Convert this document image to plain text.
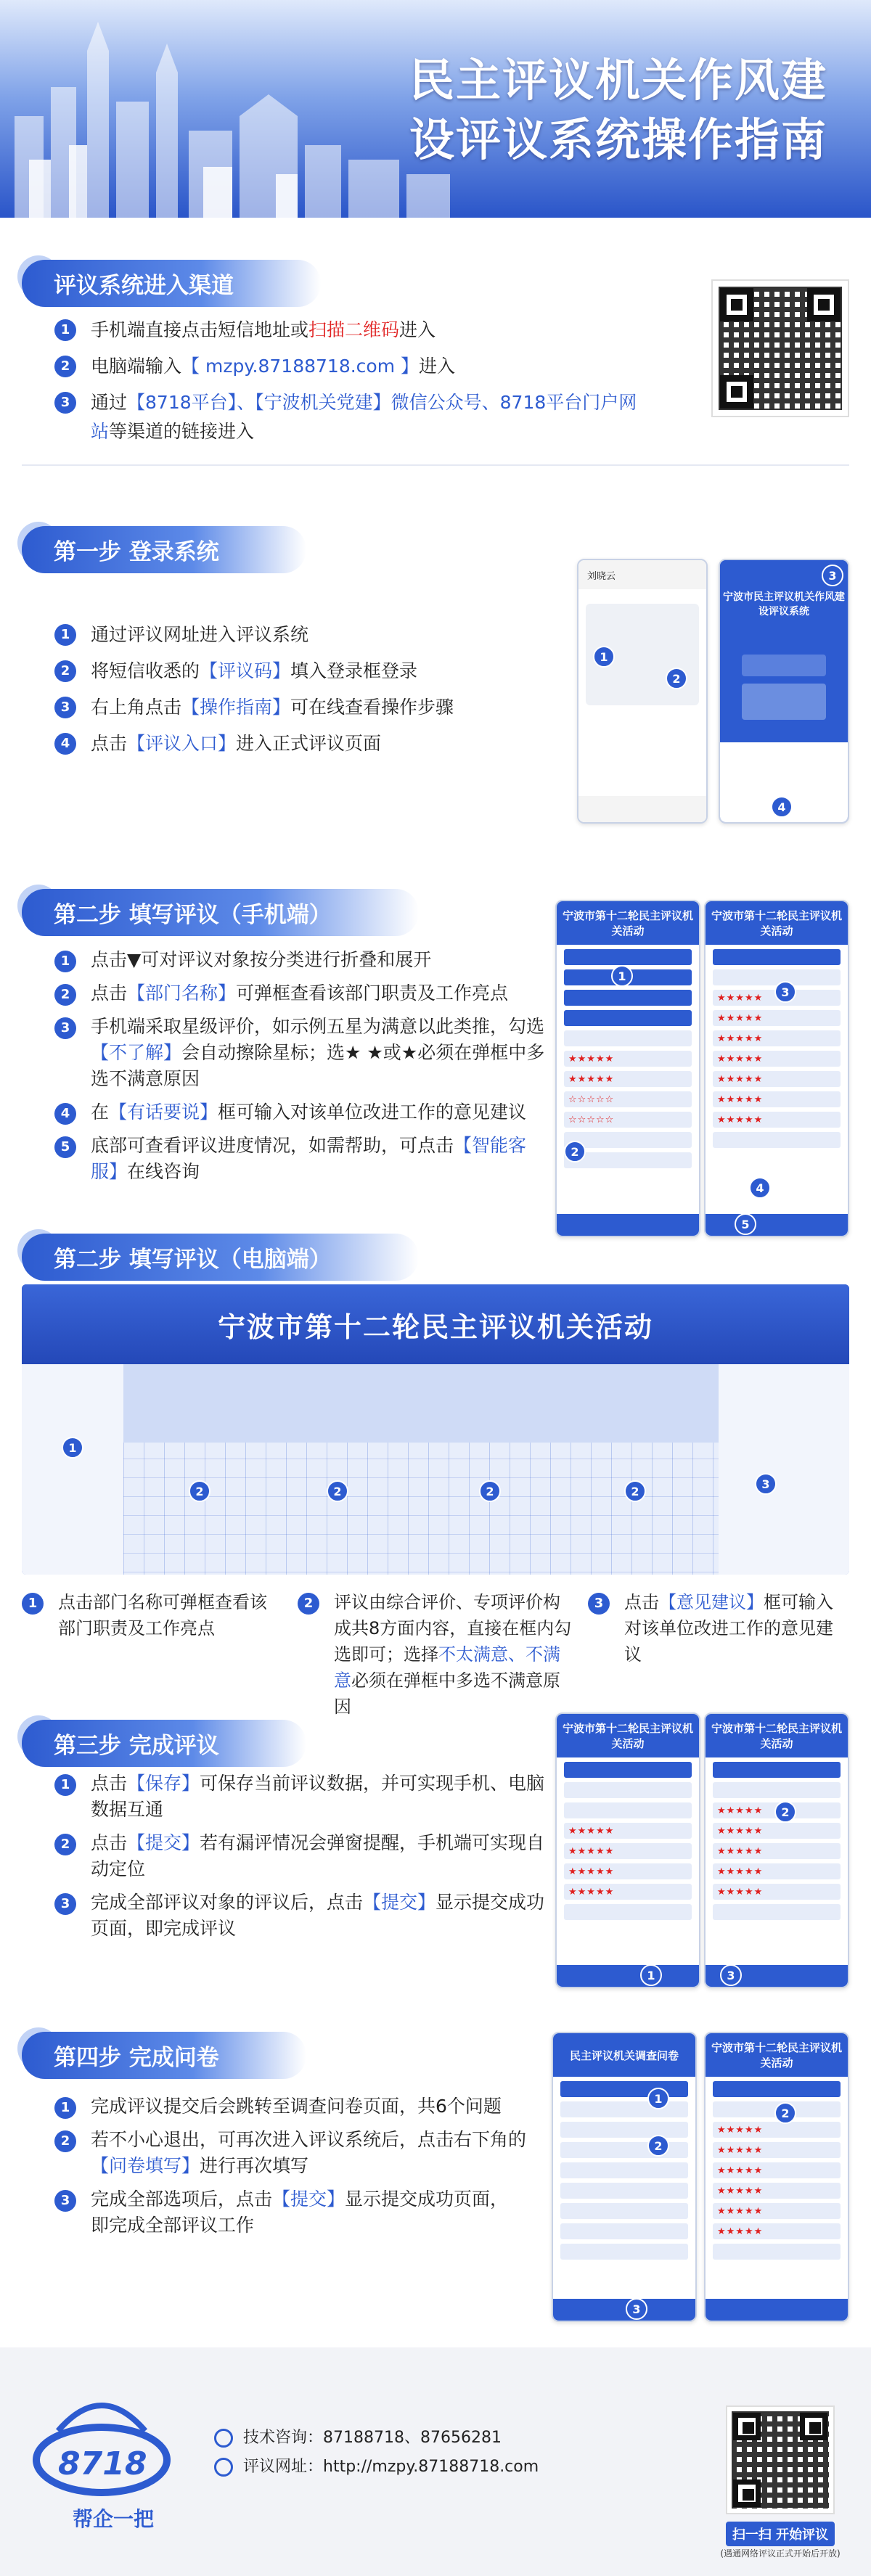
民主评议机关作风建
设评议系统操作指南
评议系统进入渠道
1	手机端直接点击短信地址或扫描二维码进入
2	电脑端输入【 mzpy.87188718.com 】进入
3	通过【8718平台】、【宁波机关党建】微信公众号、8718平台门户网站等渠道的链接进入
第一步 登录系统
1	通过评议网址进入评议系统
2	将短信收悉的【评议码】填入登录框登录
3	右上角点击【操作指南】可在线查看操作步骤
4	点击【评议入口】进入正式评议页面
刘晓云
1
2
宁波市民主评议机关作风建设评议系统
3
4
第二步 填写评议（手机端）
1	点击▼可对评议对象按分类进行折叠和展开
2	点击【部门名称】可弹框查看该部门职责及工作亮点
3	手机端采取星级评价，如示例五星为满意以此类推，勾选【不了解】会自动擦除星标；选★ ★或★必须在弹框中多选不满意原因
4	在【有话要说】框可输入对该单位改进工作的意见建议
5	底部可查看评议进度情况，如需帮助，可点击【智能客服】在线咨询
宁波市第十二轮民主评议机关活动
★★★★★
★★★★★
☆☆☆☆☆
☆☆☆☆☆
1
2
宁波市第十二轮民主评议机关活动
★★★★★
★★★★★
★★★★★
★★★★★
★★★★★
★★★★★
★★★★★
3
4
5
第二步 填写评议（电脑端）
宁波市第十二轮民主评议机关活动
1
2	2	2	2
3
1	点击部门名称可弹框查看该部门职责及工作亮点
2	评议由综合评价、专项评价构成共8方面内容，直接在框内勾选即可；选择不太满意、不满意必须在弹框中多选不满意原因
3	点击【意见建议】框可输入对该单位改进工作的意见建议
第三步 完成评议
1	点击【保存】可保存当前评议数据，并可实现手机、电脑数据互通
2	点击【提交】若有漏评情况会弹窗提醒，手机端可实现自动定位
3	完成全部评议对象的评议后，点击【提交】显示提交成功页面，即完成评议
宁波市第十二轮民主评议机关活动
★★★★★
★★★★★
★★★★★
★★★★★
1
宁波市第十二轮民主评议机关活动
★★★★★
★★★★★
★★★★★
★★★★★
★★★★★
2
3
第四步 完成问卷
1	完成评议提交后会跳转至调查问卷页面，共6个问题
2	若不小心退出，可再次进入评议系统后，点击右下角的【问卷填写】进行再次填写
3	完成全部选项后，点击【提交】显示提交成功页面，即完成全部评议工作
民主评议机关调查问卷
1
2
3
宁波市第十二轮民主评议机关活动
★★★★★
★★★★★
★★★★★
★★★★★
★★★★★
★★★★★
2
8718
帮企一把
技术咨询：87188718、87656281
评议网址：http://mzpy.87188718.com
扫一扫 开始评议
(遇通网络评议正式开始后开放)
